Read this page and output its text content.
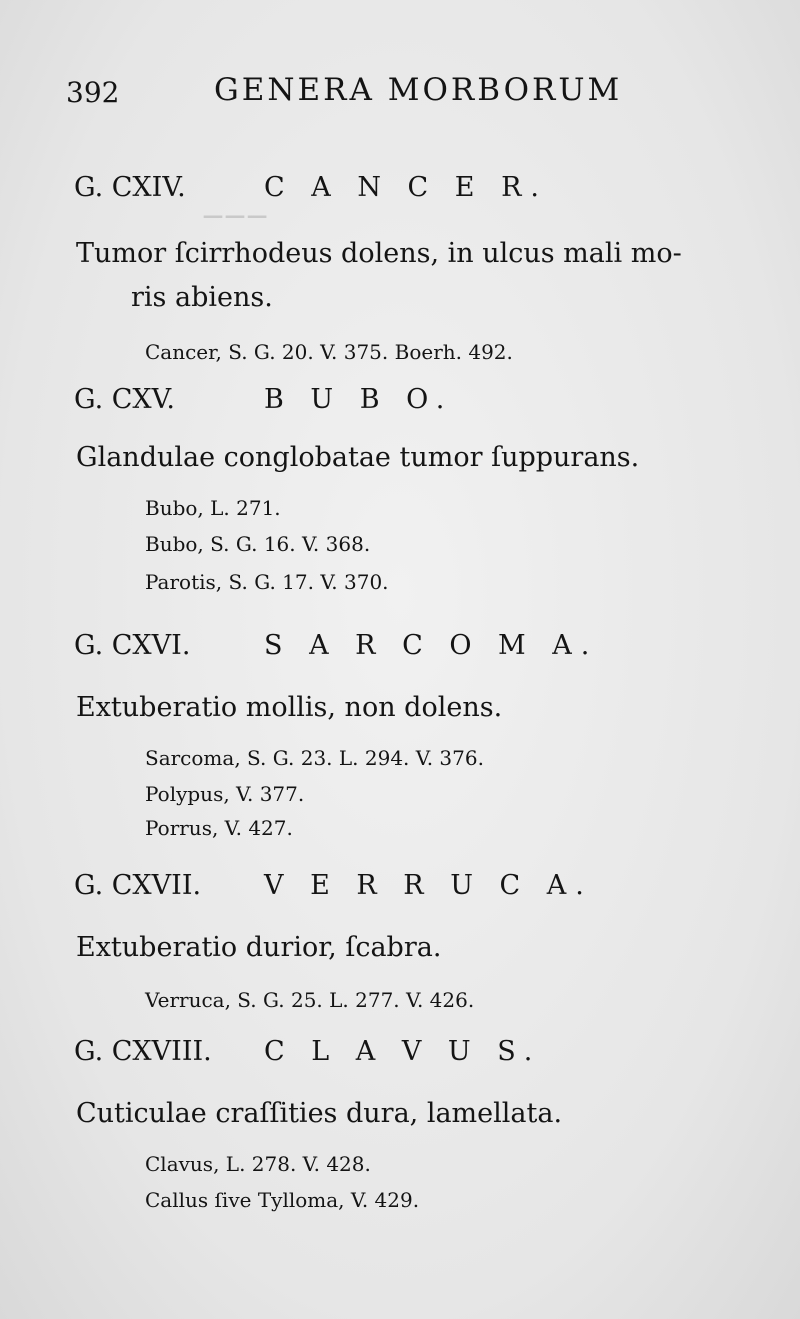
───
392	GENERA MORBORUM
G. CXIV.	C A N C E R.
Tumor ſcirrhodeus dolens, in ulcus mali mo-
ris abiens.
Cancer, S. G. 20. V. 375. Boerh. 492.
G. CXV.	B U B O.
Glandulae conglobatae tumor ſuppurans.
Bubo, L. 271.
Bubo, S. G. 16. V. 368.
Parotis, S. G. 17. V. 370.
G. CXVI.	S A R C O M A.
Extuberatio mollis, non dolens.
Sarcoma, S. G. 23. L. 294. V. 376.
Polypus, V. 377.
Porrus, V. 427.
G. CXVII. V E R R U C A.
Extuberatio durior, ſcabra.
Verruca, S. G. 25. L. 277. V. 426.
G. CXVIII. C L A V U S.
Cuticulae craſſities dura, lamellata.
Clavus, L. 278. V. 428.
Callus ſive Tylloma, V. 429.
